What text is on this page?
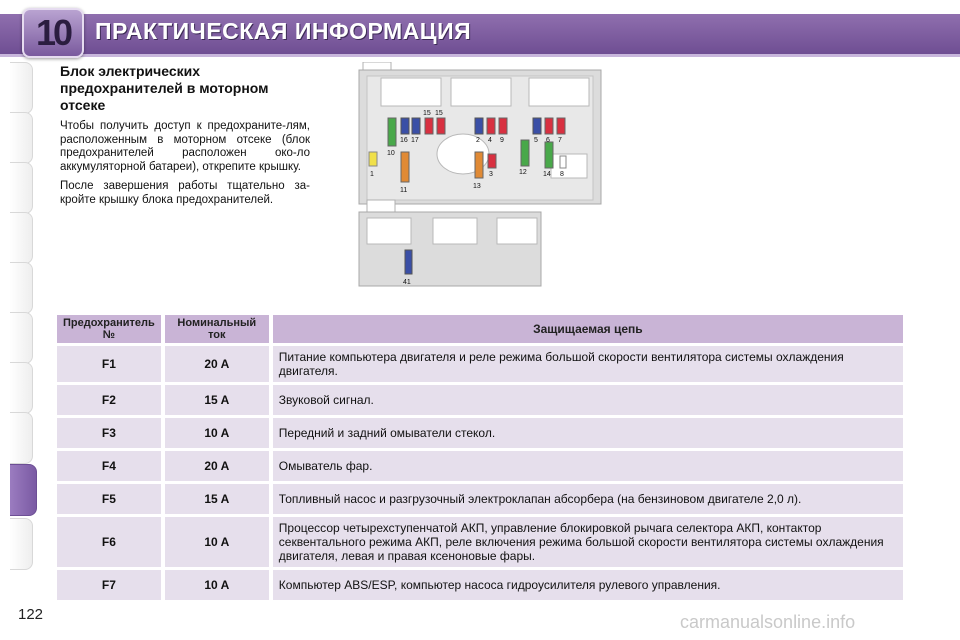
10	ПРАКТИЧЕСКАЯ ИНФОРМАЦИЯ
Блок электрических предохранителей в моторном отсеке

Чтобы получить доступ к предохраните-лям, расположенным в моторном отсеке (блок предохранителей расположен око-ло аккумуляторной батареи), открепите крышку.

После завершения работы тщательно за-кройте крышку блока предохранителей.

1
10
16 17
15 15
11
2 4 9
13
3	12
5 6 7
14 8
41
Предохранитель №	Номинальный ток	Защищаемая цепь
F1	20 A	Питание компьютера двигателя и реле режима большой скорости вентилятора системы охлаждения двигателя.
F2	15 A	Звуковой сигнал.
F3	10 A	Передний и задний омыватели стекол.
F4	20 A	Омыватель фар.
F5	15 A	Топливный насос и разгрузочный электроклапан абсорбера (на бензиновом двигателе 2,0 л).
F6	10 A	Процессор четырехступенчатой АКП, управление блокировкой рычага селектора АКП, контактор секвентального режима АКП, реле включения режима большой скорости вентилятора системы охлаждения двигателя, левая и правая ксеноновые фары.
F7	10 A	Компьютер ABS/ESP, компьютер насоса гидроусилителя рулевого управления.
122	carmanualsonline.info
